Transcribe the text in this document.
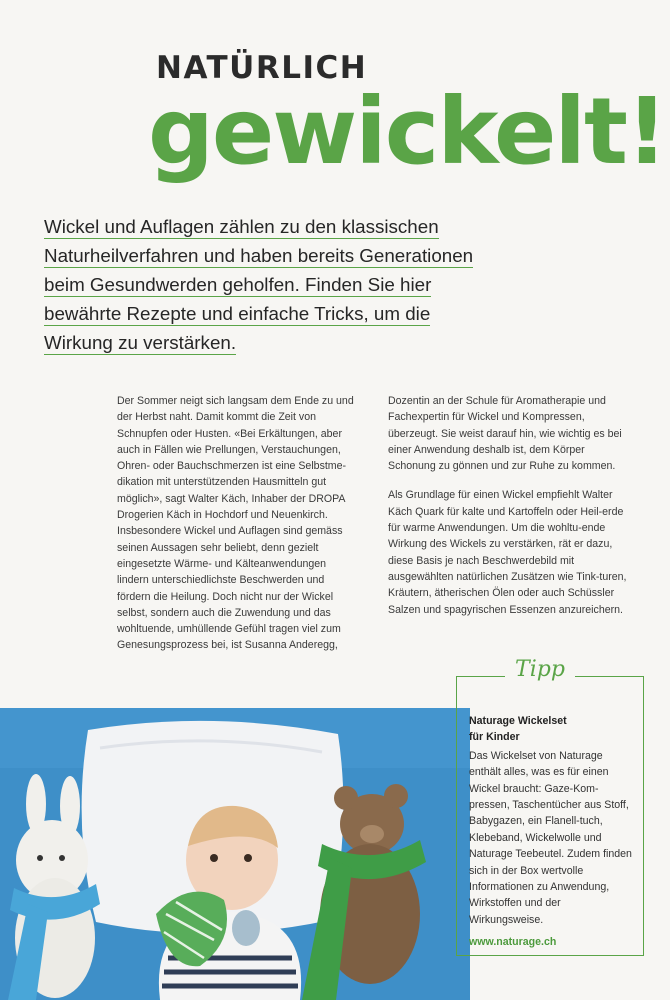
NATÜRLICH
gewickelt!
Wickel und Auflagen zählen zu den klassischen
Naturheilverfahren und haben bereits Generationen
beim Gesundwerden geholfen. Finden Sie hier
bewährte Rezepte und einfache Tricks, um die
Wirkung zu verstärken.

Der Sommer neigt sich langsam dem Ende zu und der Herbst naht. Damit kommt die Zeit von Schnupfen oder Husten. «Bei Erkältungen, aber auch in Fällen wie Prellungen, Verstauchungen, Ohren- oder Bauchschmerzen ist eine Selbstme-dikation mit unterstützenden Hausmitteln gut möglich», sagt Walter Käch, Inhaber der DROPA Drogerien Käch in Hochdorf und Neuenkirch. Insbesondere Wickel und Auflagen sind gemäss seinen Aussagen sehr beliebt, denn gezielt eingesetzte Wärme- und Kälteanwendungen lindern unterschiedlichste Beschwerden und fördern die Heilung. Doch nicht nur der Wickel selbst, sondern auch die Zuwendung und das wohltuende, umhüllende Gefühl tragen viel zum Genesungsprozess bei, ist Susanna Anderegg,

Dozentin an der Schule für Aromatherapie und Fachexpertin für Wickel und Kompressen, überzeugt. Sie weist darauf hin, wie wichtig es bei einer Anwendung deshalb ist, dem Körper Schonung zu gönnen und zur Ruhe zu kommen.

Als Grundlage für einen Wickel empfiehlt Walter Käch Quark für kalte und Kartoffeln oder Heil-erde für warme Anwendungen. Um die wohltu-ende Wirkung des Wickels zu verstärken, rät er dazu, diese Basis je nach Beschwerdebild mit ausgewählten natürlichen Zusätzen wie Tink-turen, Kräutern, ätherischen Ölen oder auch Schüssler Salzen und spagyrischen Essenzen anzureichern.

Naturage Wickelset
für Kinder
Das Wickelset von Naturage enthält alles, was es für einen Wickel braucht: Gaze-Kom-pressen, Taschentücher aus Stoff, Babygazen, ein Flanell-tuch, Klebeband, Wickelwolle und Naturage Teebeutel. Zudem finden sich in der Box wertvolle Informationen zu Anwendung, Wirkstoffen und der Wirkungsweise.
www.naturage.ch
Tipp
